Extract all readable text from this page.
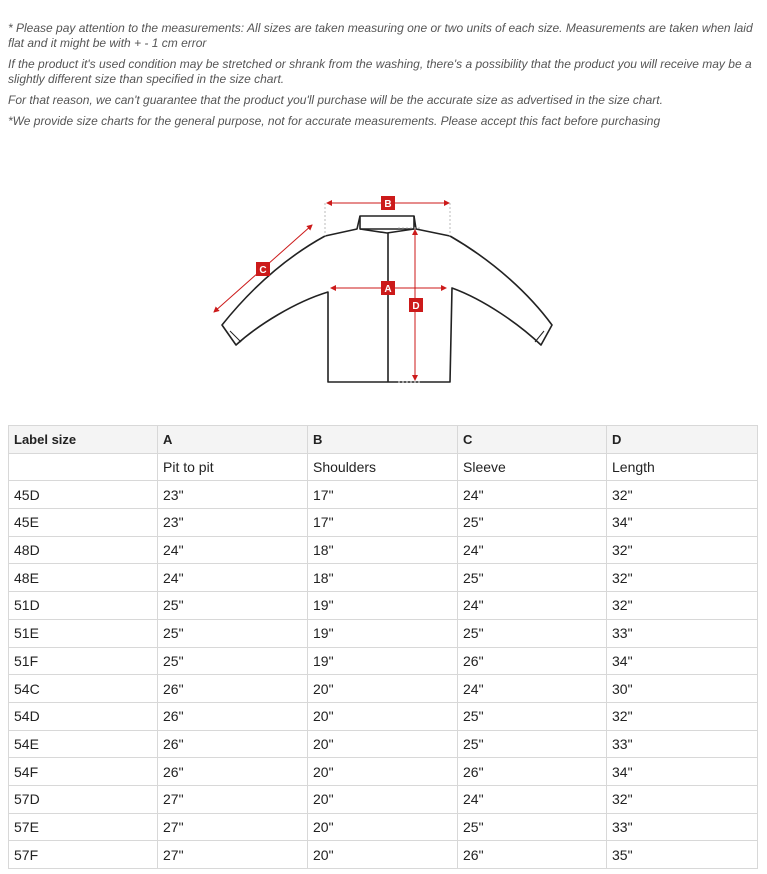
* Please pay attention to the measurements: All sizes are taken measuring one or two units of each size. Measurements are taken when laid flat and it might be with + - 1 cm error

If the product it's used condition may be stretched or shrank from the washing, there's a possibility that the product you will receive may be a slightly different size than specified in the size chart.

For that reason, we can't guarantee that the product you'll purchase will be the accurate size as advertised in the size chart.

*We provide size charts for the general purpose, not for accurate measurements. Please accept this fact before purchasing

B
C
A
D
Label size	A	B	C	D
	Pit to pit	Shoulders	Sleeve	Length
45D	23"	17"	24"	32"
45E	23"	17"	25"	34"
48D	24"	18"	24"	32"
48E	24"	18"	25"	32"
51D	25"	19"	24"	32"
51E	25"	19"	25"	33"
51F	25"	19"	26"	34"
54C	26"	20"	24"	30"
54D	26"	20"	25"	32"
54E	26"	20"	25"	33"
54F	26"	20"	26"	34"
57D	27"	20"	24"	32"
57E	27"	20"	25"	33"
57F	27"	20"	26"	35"
